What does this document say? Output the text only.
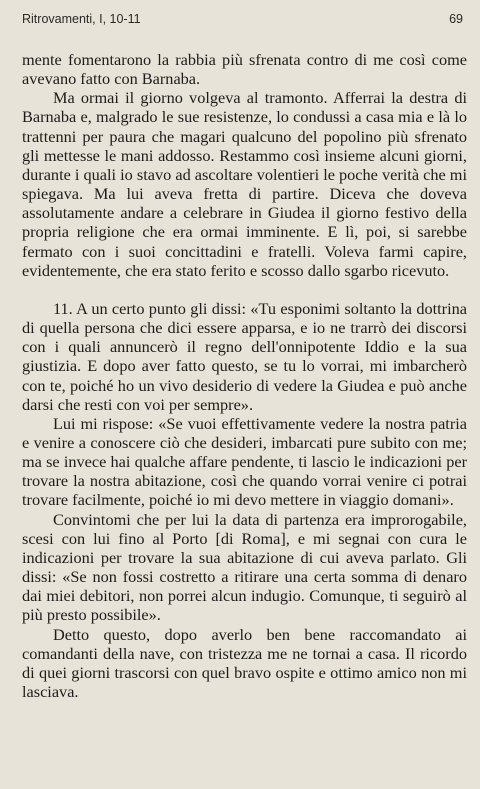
Ritrovamenti, I, 10-11	69

mente fomentarono la rabbia più sfrenata contro di me così come avevano fatto con Barnaba.

Ma ormai il giorno volgeva al tramonto. Afferrai la destra di Barnaba e, malgrado le sue resistenze, lo condussi a casa mia e là lo trattenni per paura che magari qualcuno del popolino più sfrenato gli mettesse le mani addosso. Restammo così insieme alcuni giorni, durante i quali io stavo ad ascoltare volentieri le poche verità che mi spiegava. Ma lui aveva fretta di partire. Diceva che doveva assolutamente andare a celebrare in Giudea il giorno festivo della propria religione che era ormai imminente. E lì, poi, si sarebbe fermato con i suoi concittadini e fratelli. Voleva farmi capire, evidentemente, che era stato ferito e scosso dallo sgarbo ricevuto.

11. A un certo punto gli dissi: «Tu esponimi soltanto la dottrina di quella persona che dici essere apparsa, e io ne trarrò dei discorsi con i quali annuncerò il regno dell'onnipotente Iddio e la sua giustizia. E dopo aver fatto questo, se tu lo vorrai, mi imbarcherò con te, poiché ho un vivo desiderio di vedere la Giudea e può anche darsi che resti con voi per sempre».

Lui mi rispose: «Se vuoi effettivamente vedere la nostra patria e venire a conoscere ciò che desideri, imbarcati pure subito con me; ma se invece hai qualche affare pendente, ti lascio le indicazioni per trovare la nostra abitazione, così che quando vorrai venire ci potrai trovare facilmente, poiché io mi devo mettere in viaggio domani».

Convintomi che per lui la data di partenza era improrogabile, scesi con lui fino al Porto [di Roma], e mi segnai con cura le indicazioni per trovare la sua abitazione di cui aveva parlato. Gli dissi: «Se non fossi costretto a ritirare una certa somma di denaro dai miei debitori, non porrei alcun indugio. Comunque, ti seguirò al più presto possibile».

Detto questo, dopo averlo ben bene raccomandato ai comandanti della nave, con tristezza me ne tornai a casa. Il ricordo di quei giorni trascorsi con quel bravo ospite e ottimo amico non mi lasciava.
